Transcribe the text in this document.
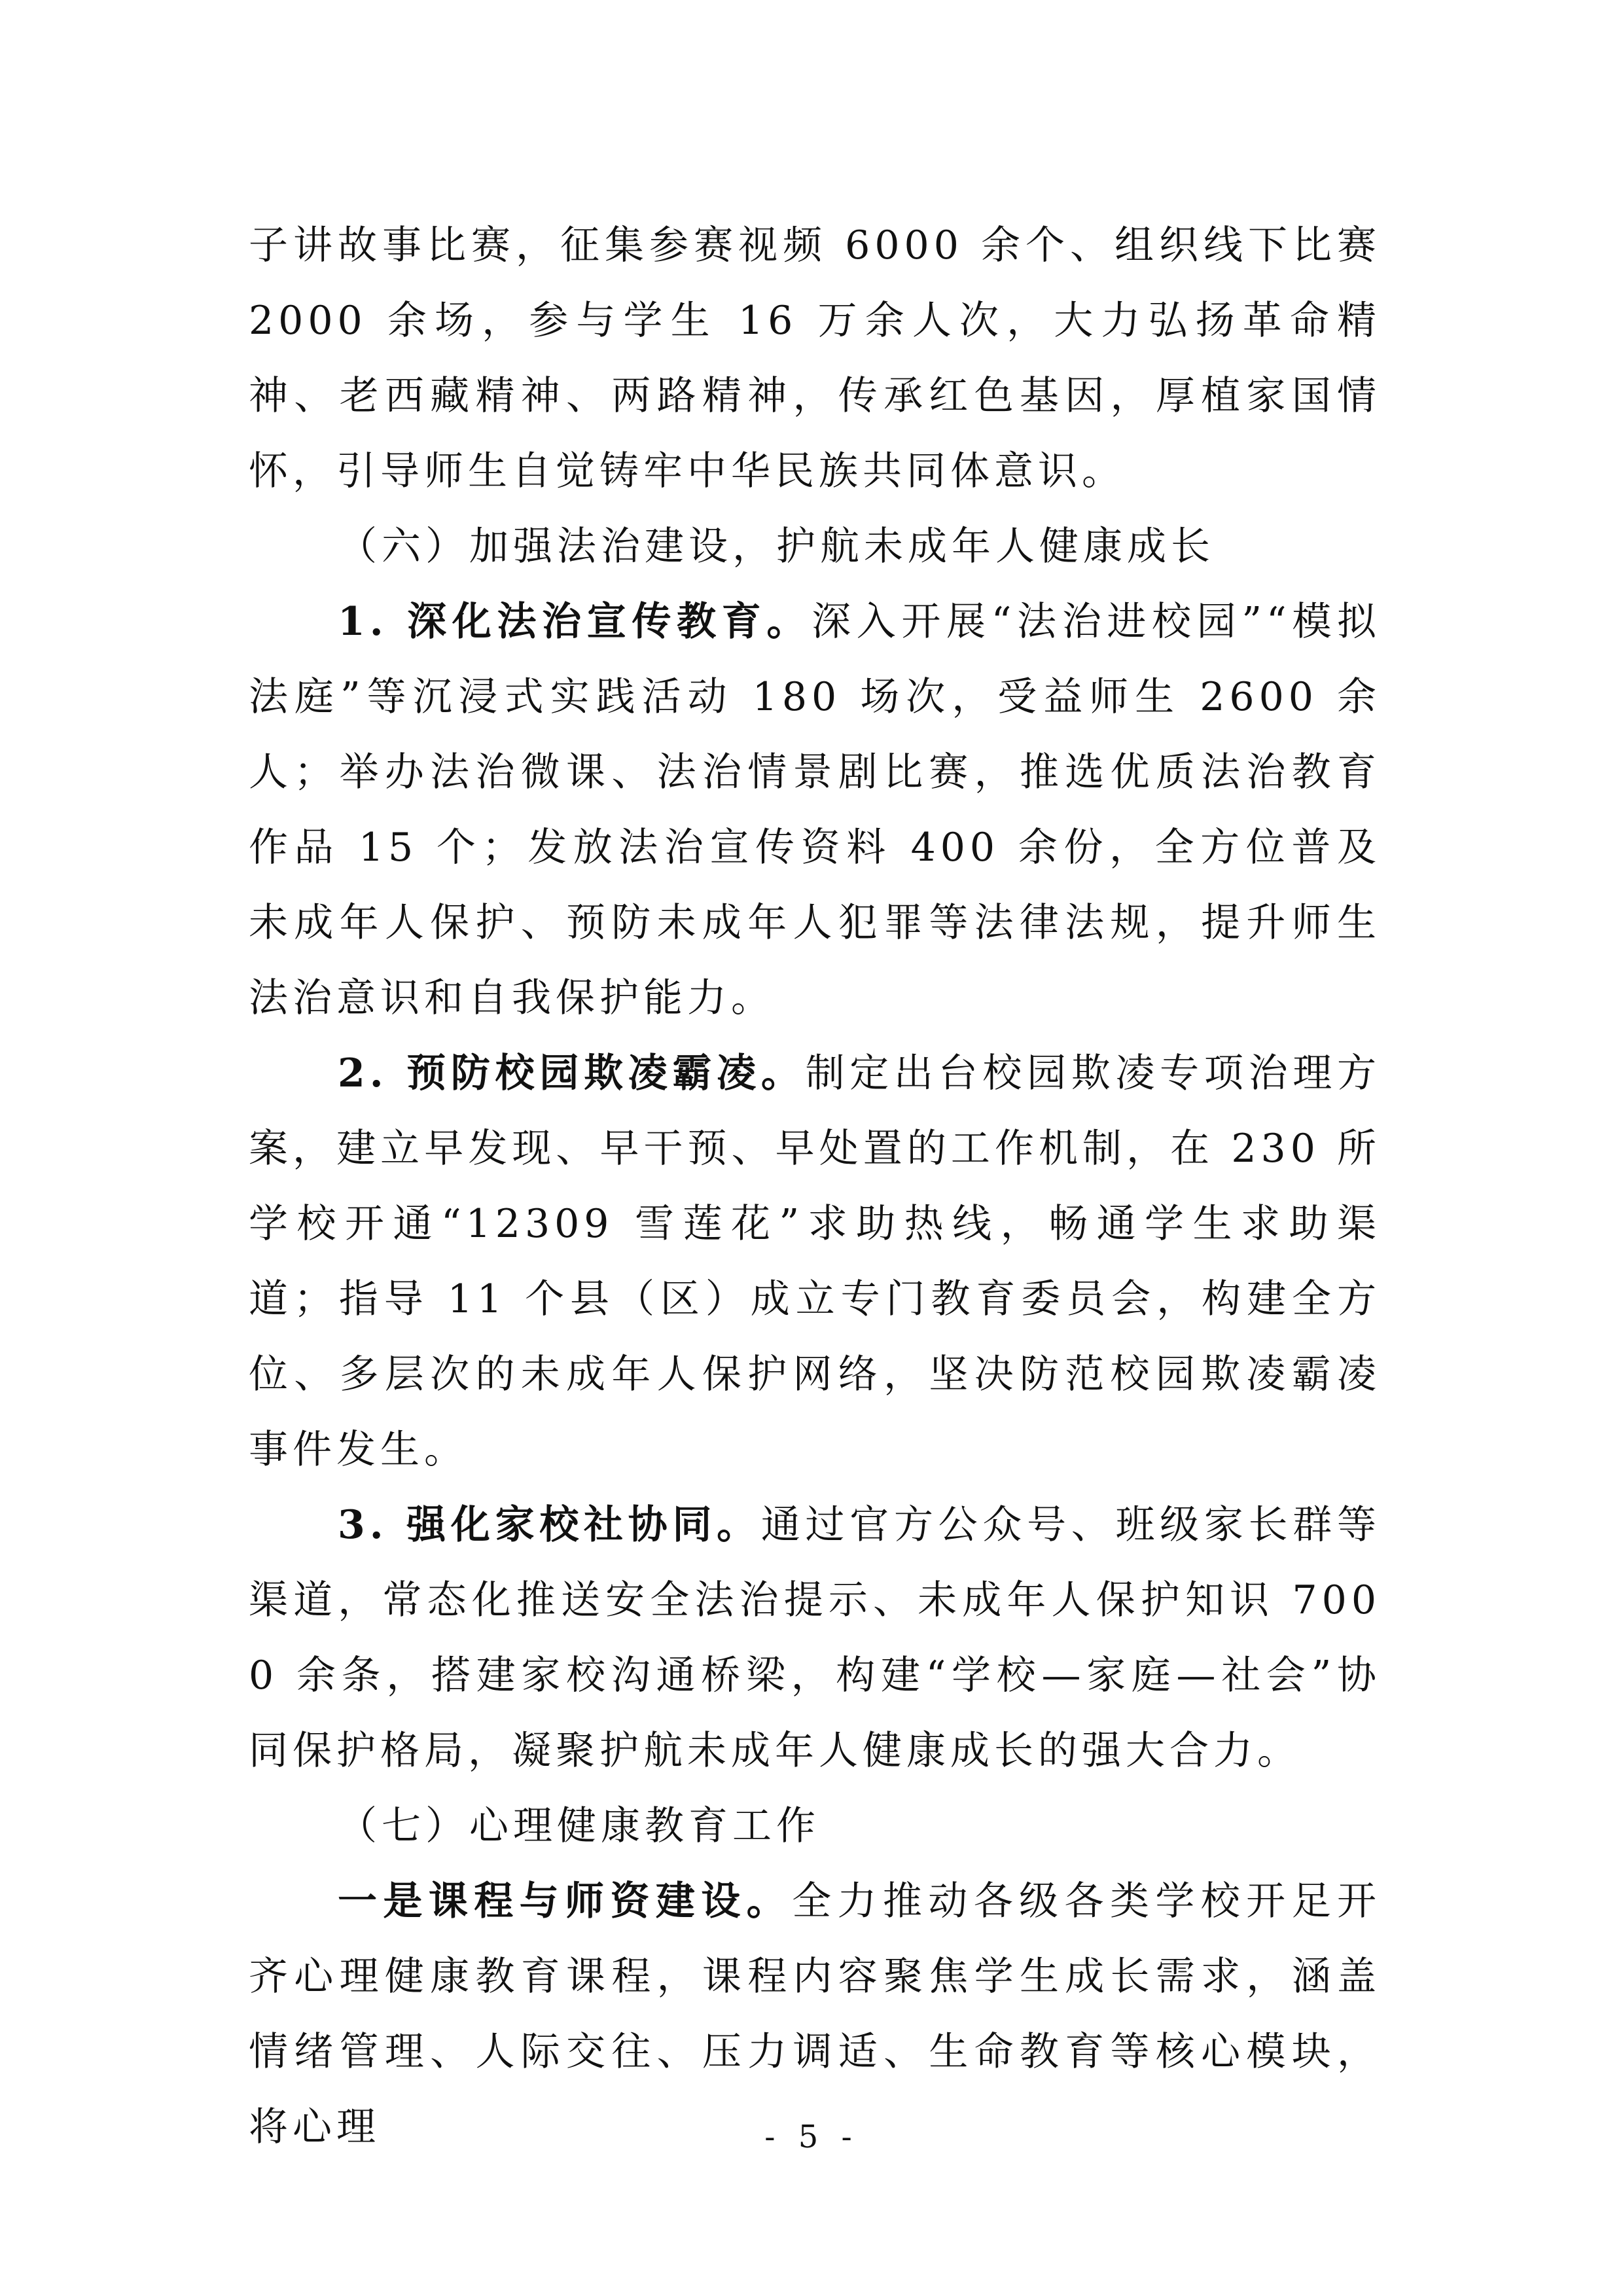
子讲故事比赛，征集参赛视频 6000 余个、组织线下比赛 2000 余场，参与学生 16 万余人次，大力弘扬革命精神、老西藏精神、两路精神，传承红色基因，厚植家国情怀，引导师生自觉铸牢中华民族共同体意识。

（六）加强法治建设，护航未成年人健康成长

1. 深化法治宣传教育。深入开展“法治进校园”“模拟法庭”等沉浸式实践活动 180 场次，受益师生 2600 余人；举办法治微课、法治情景剧比赛，推选优质法治教育作品 15 个；发放法治宣传资料 400 余份，全方位普及未成年人保护、预防未成年人犯罪等法律法规，提升师生法治意识和自我保护能力。

2. 预防校园欺凌霸凌。制定出台校园欺凌专项治理方案，建立早发现、早干预、早处置的工作机制，在 230 所学校开通“12309 雪莲花”求助热线，畅通学生求助渠道；指导 11 个县（区）成立专门教育委员会，构建全方位、多层次的未成年人保护网络，坚决防范校园欺凌霸凌事件发生。

3. 强化家校社协同。通过官方公众号、班级家长群等渠道，常态化推送安全法治提示、未成年人保护知识 7000 余条，搭建家校沟通桥梁，构建“学校—家庭—社会”协同保护格局，凝聚护航未成年人健康成长的强大合力。

（七）心理健康教育工作

一是课程与师资建设。全力推动各级各类学校开足开齐心理健康教育课程，课程内容聚焦学生成长需求，涵盖情绪管理、人际交往、压力调适、生命教育等核心模块，将心理	- 5 -
